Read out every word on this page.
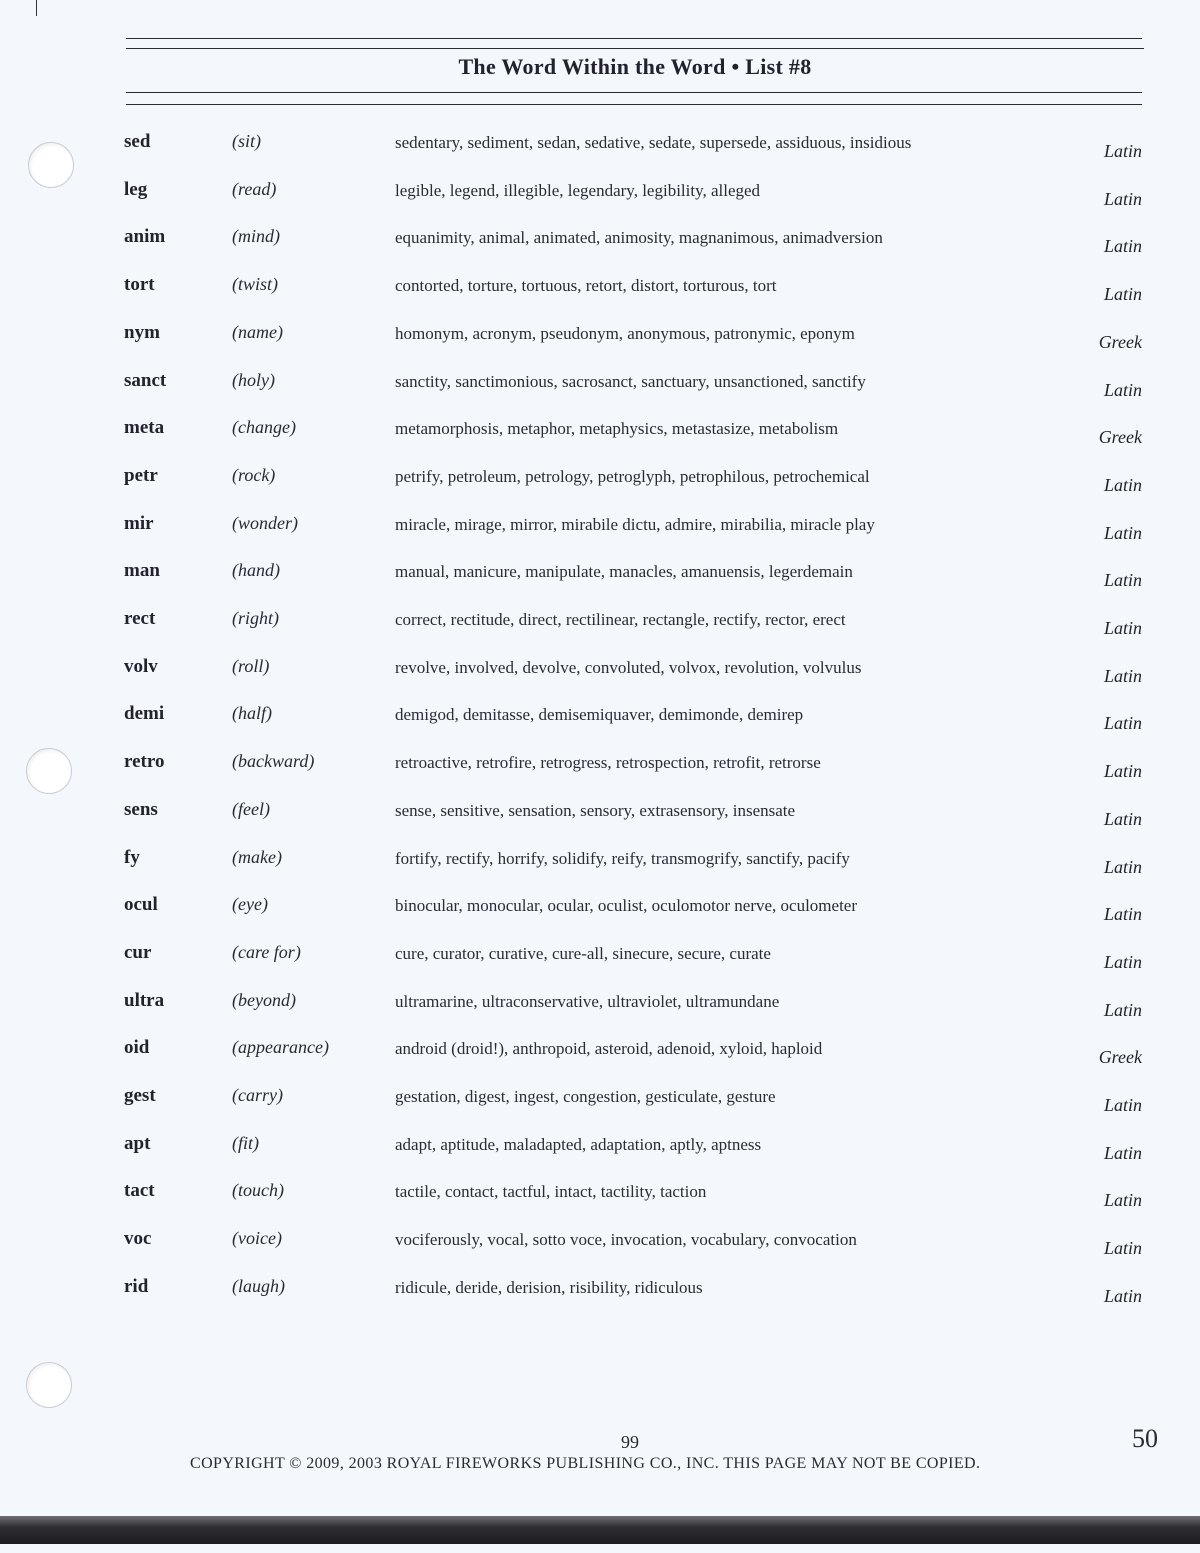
The Word Within the Word • List #8
sed	(sit)	sedentary, sediment, sedan, sedative, sedate, supersede, assiduous, insidious	Latin
leg	(read)	legible, legend, illegible, legendary, legibility, alleged	Latin
anim	(mind)	equanimity, animal, animated, animosity, magnanimous, animadversion	Latin
tort	(twist)	contorted, torture, tortuous, retort, distort, torturous, tort	Latin
nym	(name)	homonym, acronym, pseudonym, anonymous, patronymic, eponym	Greek
sanct	(holy)	sanctity, sanctimonious, sacrosanct, sanctuary, unsanctioned, sanctify	Latin
meta	(change)	metamorphosis, metaphor, metaphysics, metastasize, metabolism	Greek
petr	(rock)	petrify, petroleum, petrology, petroglyph, petrophilous, petrochemical	Latin
mir	(wonder)	miracle, mirage, mirror, mirabile dictu, admire, mirabilia, miracle play	Latin
man	(hand)	manual, manicure, manipulate, manacles, amanuensis, legerdemain	Latin
rect	(right)	correct, rectitude, direct, rectilinear, rectangle, rectify, rector, erect	Latin
volv	(roll)	revolve, involved, devolve, convoluted, volvox, revolution, volvulus	Latin
demi	(half)	demigod, demitasse, demisemiquaver, demimonde, demirep	Latin
retro	(backward)	retroactive, retrofire, retrogress, retrospection, retrofit, retrorse	Latin
sens	(feel)	sense, sensitive, sensation, sensory, extrasensory, insensate	Latin
fy	(make)	fortify, rectify, horrify, solidify, reify, transmogrify, sanctify, pacify	Latin
ocul	(eye)	binocular, monocular, ocular, oculist, oculomotor nerve, oculometer	Latin
cur	(care for)	cure, curator, curative, cure-all, sinecure, secure, curate	Latin
ultra	(beyond)	ultramarine, ultraconservative, ultraviolet, ultramundane	Latin
oid	(appearance)	android (droid!), anthropoid, asteroid, adenoid, xyloid, haploid	Greek
gest	(carry)	gestation, digest, ingest, congestion, gesticulate, gesture	Latin
apt	(fit)	adapt, aptitude, maladapted, adaptation, aptly, aptness	Latin
tact	(touch)	tactile, contact, tactful, intact, tactility, taction	Latin
voc	(voice)	vociferously, vocal, sotto voce, invocation, vocabulary, convocation	Latin
rid	(laugh)	ridicule, deride, derision, risibility, ridiculous	Latin
99
COPYRIGHT © 2009, 2003 ROYAL FIREWORKS PUBLISHING CO., INC. THIS PAGE MAY NOT BE COPIED.
50
